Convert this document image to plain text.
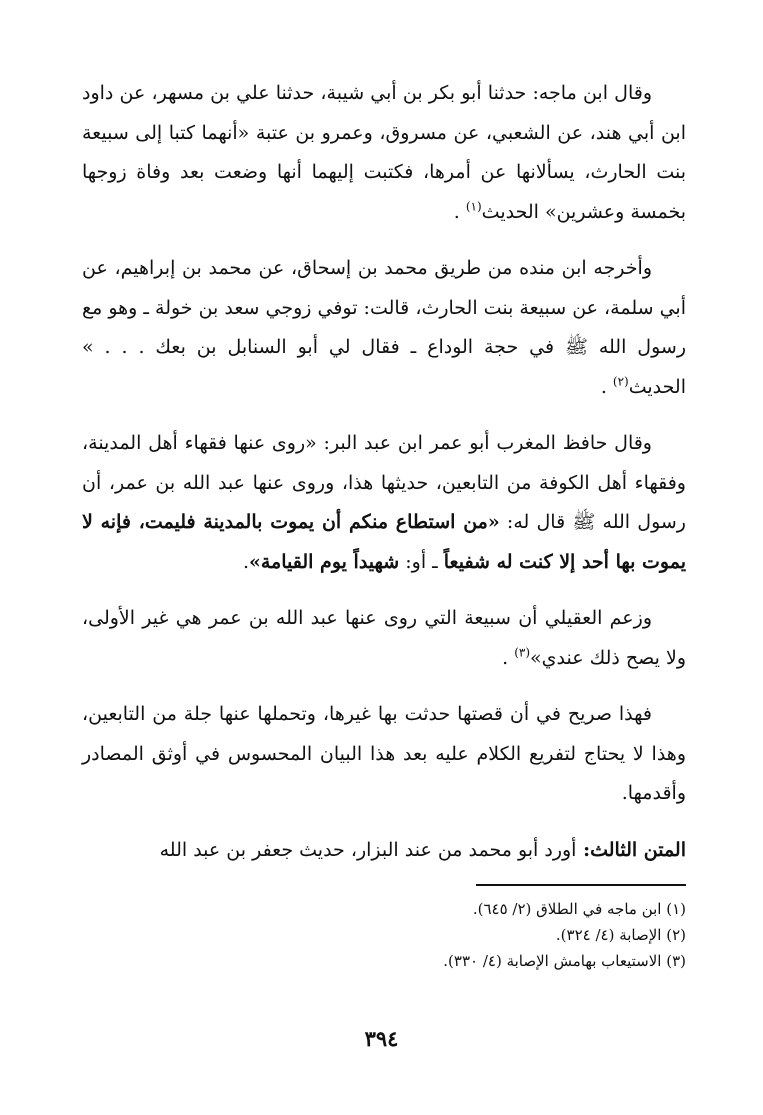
وقال ابن ماجه: حدثنا أبو بكر بن أبي شيبة، حدثنا علي بن مسهر، عن داود ابن أبي هند، عن الشعبي، عن مسروق، وعمرو بن عتبة «أنهما كتبا إلى سبيعة بنت الحارث، يسألانها عن أمرها، فكتبت إليهما أنها وضعت بعد وفاة زوجها بخمسة وعشرين» الحديث$^{(١)}$ .

وأخرجه ابن منده من طريق محمد بن إسحاق، عن محمد بن إبراهيم، عن أبي سلمة، عن سبيعة بنت الحارث، قالت: توفي زوجي سعد بن خولة ـ وهو مع رسول الله ﷺ في حجة الوداع ـ فقال لي أبو السنابل بن بعك . . . » الحديث$^{(٢)}$ .

وقال حافظ المغرب أبو عمر ابن عبد البر: «روى عنها فقهاء أهل المدينة، وفقهاء أهل الكوفة من التابعين، حديثها هذا، وروى عنها عبد الله بن عمر، أن رسول الله ﷺ قال له: «من استطاع منكم أن يموت بالمدينة فليمت، فإنه لا يموت بها أحد إلا كنت له شفيعاً ـ أو: شهيداً يوم القيامة».

وزعم العقيلي أن سبيعة التي روى عنها عبد الله بن عمر هي غير الأولى، ولا يصح ذلك عندي»$^{(٣)}$ .

فهذا صريح في أن قصتها حدثت بها غيرها، وتحملها عنها جلة من التابعين، وهذا لا يحتاج لتفريع الكلام عليه بعد هذا البيان المحسوس في أوثق المصادر وأقدمها.

المتن الثالث: أورد أبو محمد من عند البزار، حديث جعفر بن عبد الله

(١) ابن ماجه في الطلاق (٢/ ٦٤٥).
(٢) الإصابة (٤/ ٣٢٤).
(٣) الاستيعاب بهامش الإصابة (٤/ ٣٣٠).
٣٩٤
